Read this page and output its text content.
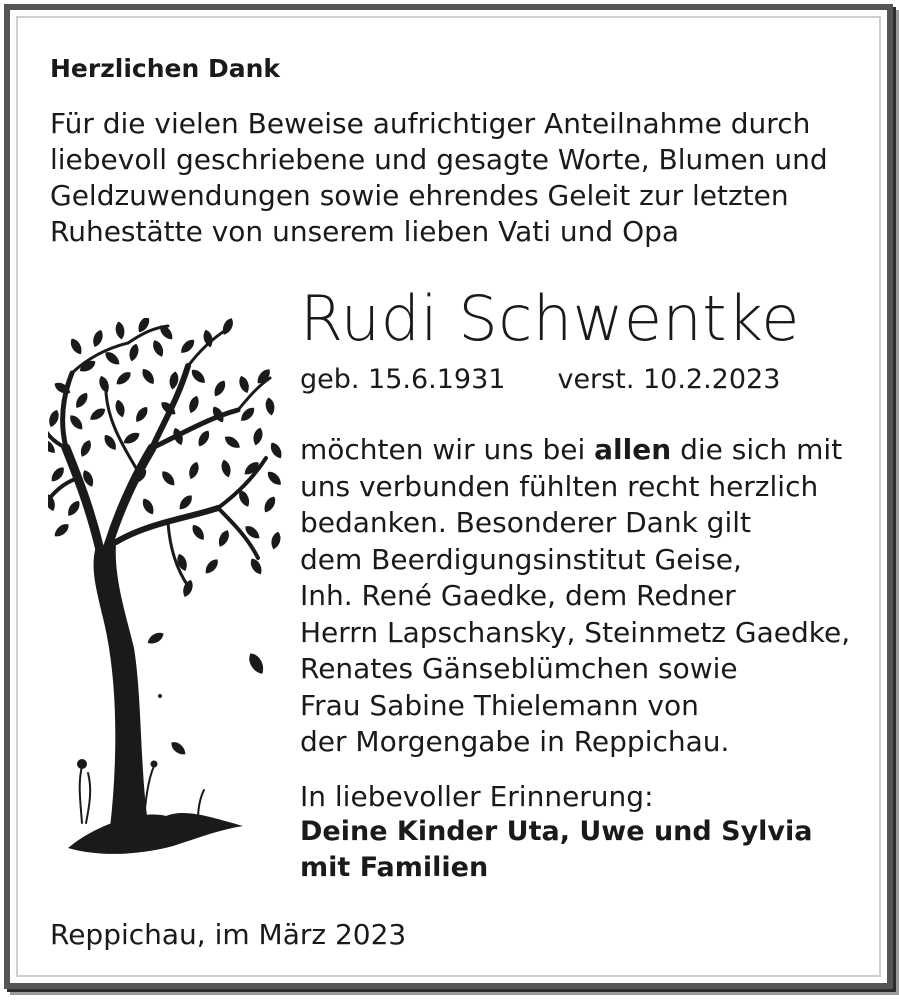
Herzlichen Dank
Für die vielen Beweise aufrichtiger Anteilnahme durch
liebevoll geschriebene und gesagte Worte, Blumen und
Geldzuwendungen sowie ehrendes Geleit zur letzten
Ruhestätte von unserem lieben Vati und Opa
Rudi Schwentke
geb. 15.6.1931 verst. 10.2.2023
möchten wir uns bei allen die sich mit
uns verbunden fühlten recht herzlich
bedanken. Besonderer Dank gilt
dem Beerdigungsinstitut Geise,
Inh. René Gaedke, dem Redner
Herrn Lapschansky, Steinmetz Gaedke,
Renates Gänseblümchen sowie
Frau Sabine Thielemann von
der Morgengabe in Reppichau.
In liebevoller Erinnerung:
Deine Kinder Uta, Uwe und Sylvia
mit Familien
Reppichau, im März 2023
